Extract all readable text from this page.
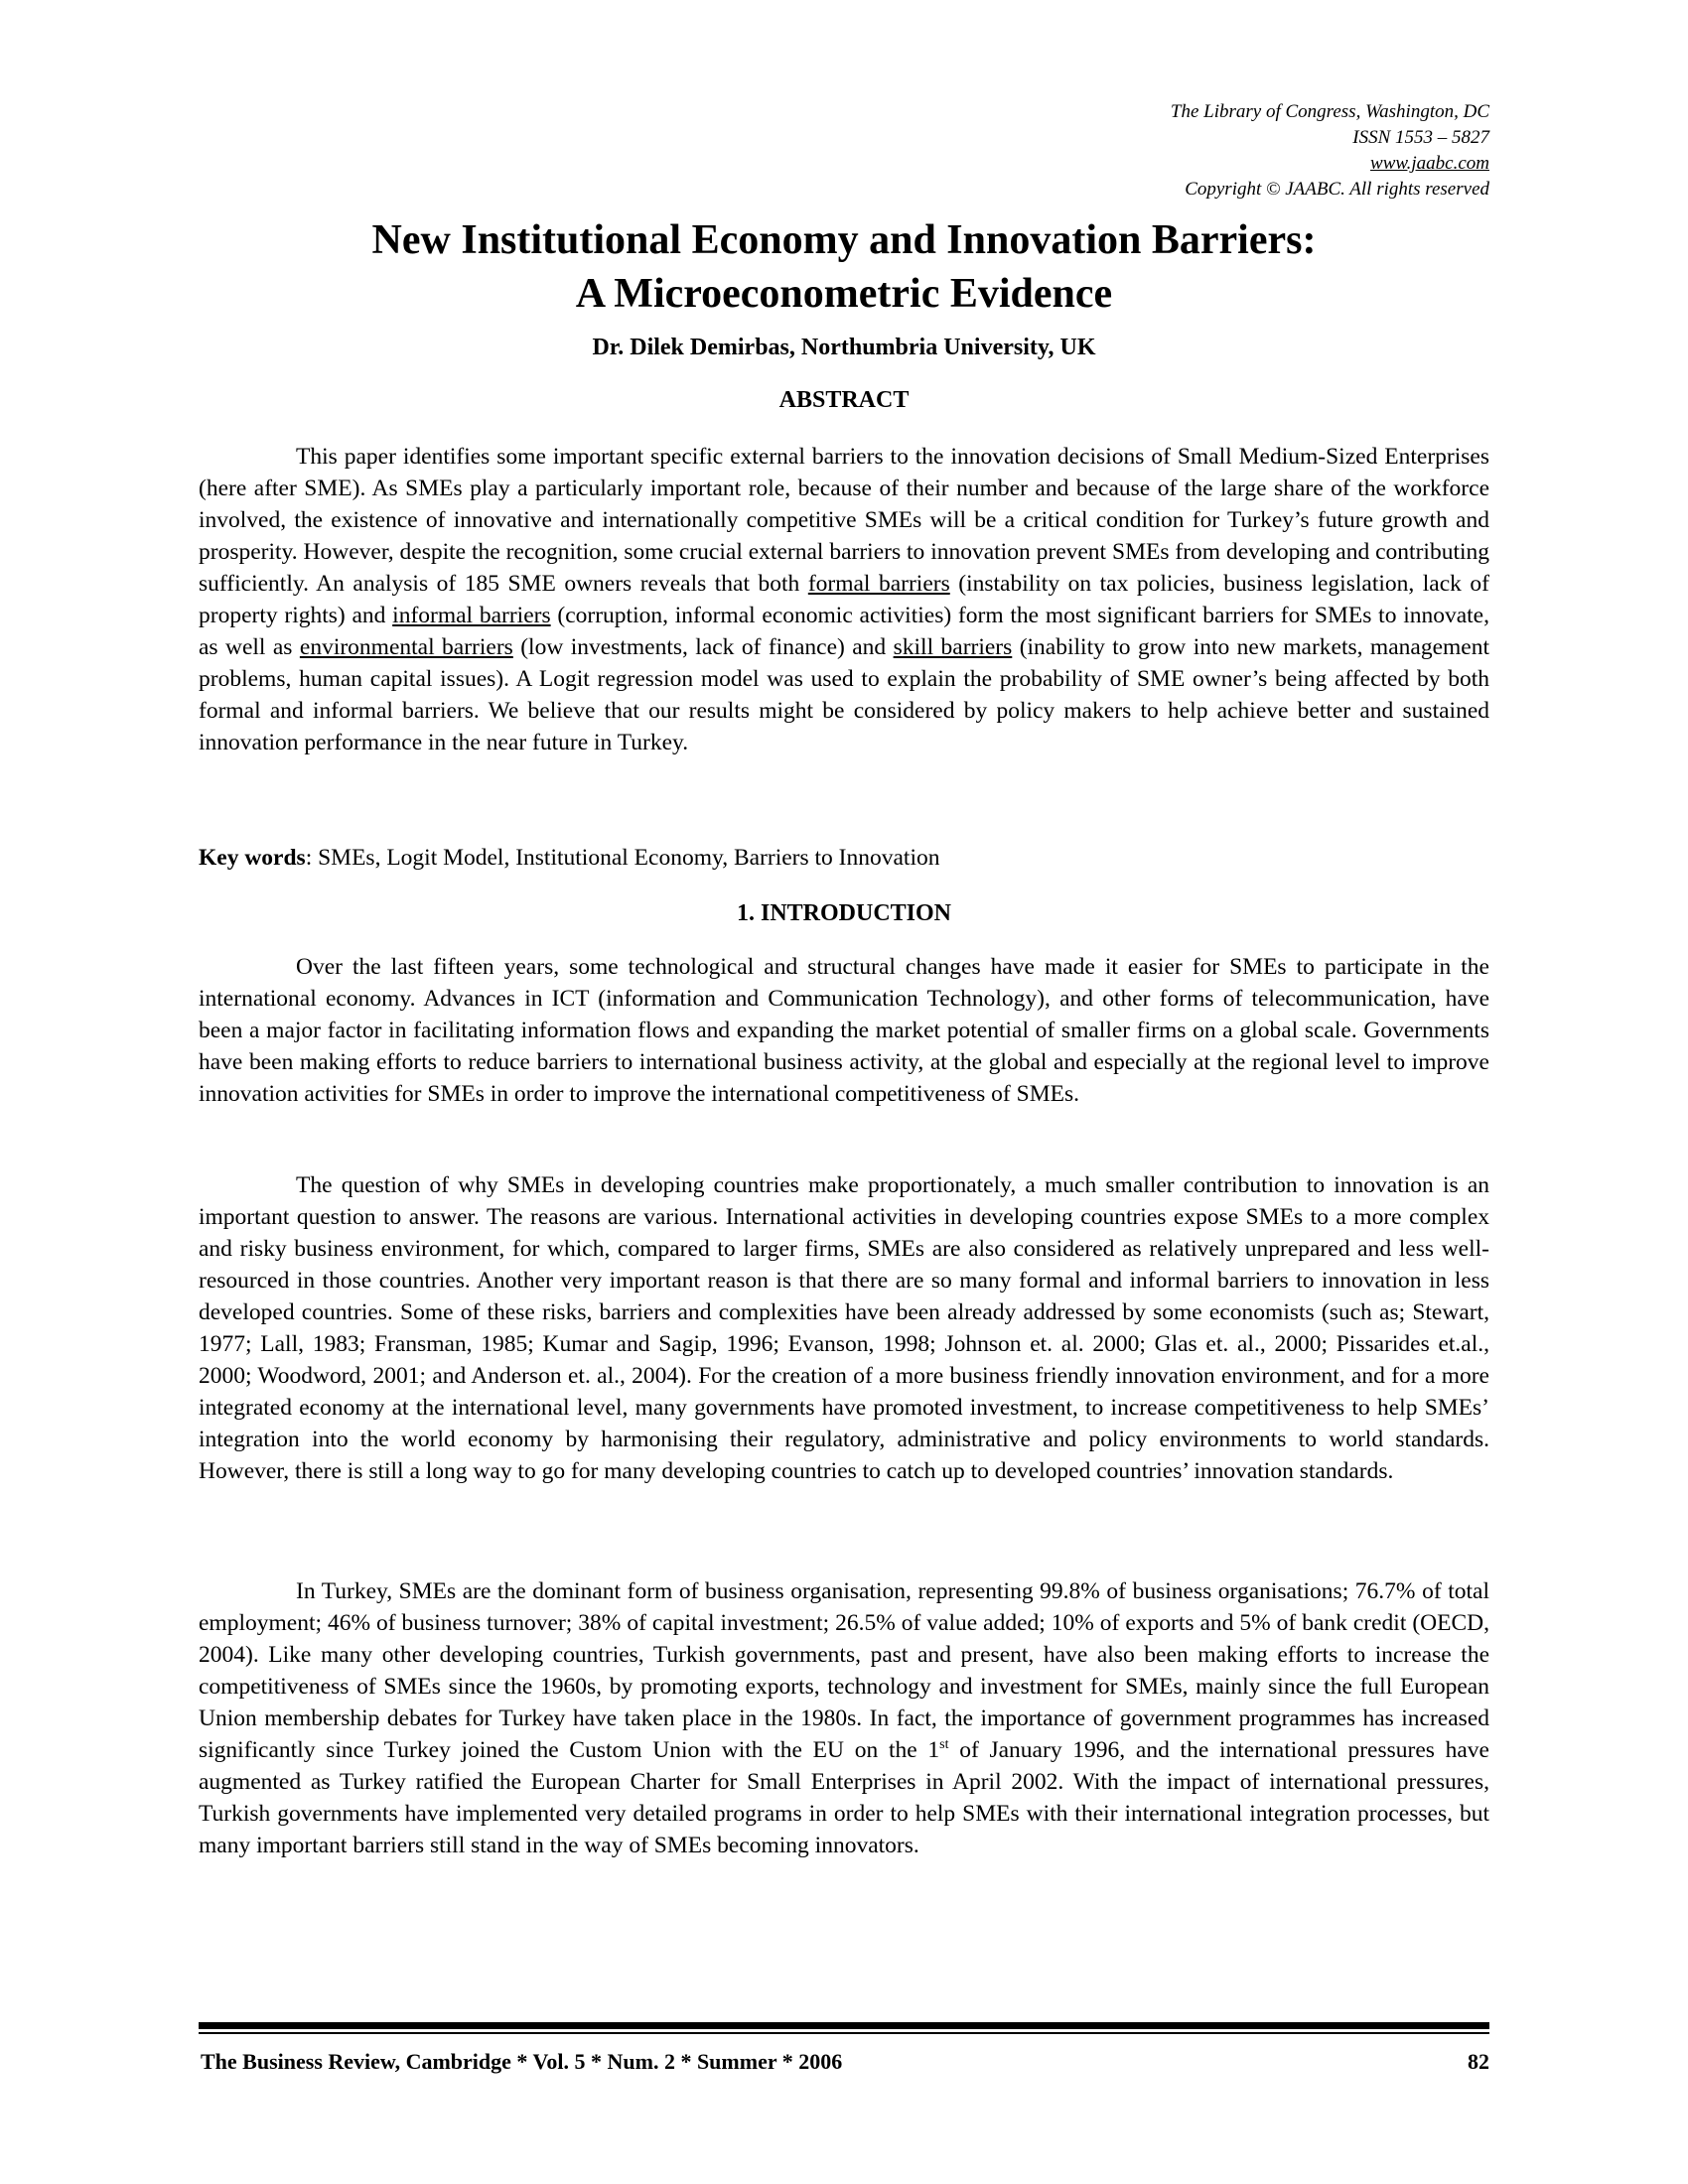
The Library of Congress, Washington, DC
ISSN 1553 – 5827
www.jaabc.com
Copyright © JAABC. All rights reserved
New Institutional Economy and Innovation Barriers:
A Microeconometric Evidence
Dr. Dilek Demirbas, Northumbria University, UK
ABSTRACT

This paper identifies some important specific external barriers to the innovation decisions of Small Medium-Sized Enterprises (here after SME). As SMEs play a particularly important role, because of their number and because of the large share of the workforce involved, the existence of innovative and internationally competitive SMEs will be a critical condition for Turkey’s future growth and prosperity. However, despite the recognition, some crucial external barriers to innovation prevent SMEs from developing and contributing sufficiently. An analysis of 185 SME owners reveals that both formal barriers (instability on tax policies, business legislation, lack of property rights) and informal barriers (corruption, informal economic activities) form the most significant barriers for SMEs to innovate, as well as environmental barriers (low investments, lack of finance) and skill barriers (inability to grow into new markets, management problems, human capital issues). A Logit regression model was used to explain the probability of SME owner’s being affected by both formal and informal barriers. We believe that our results might be considered by policy makers to help achieve better and sustained innovation performance in the near future in Turkey.

Key words: SMEs, Logit Model, Institutional Economy, Barriers to Innovation

1. INTRODUCTION

Over the last fifteen years, some technological and structural changes have made it easier for SMEs to participate in the international economy. Advances in ICT (information and Communication Technology), and other forms of telecommunication, have been a major factor in facilitating information flows and expanding the market potential of smaller firms on a global scale. Governments have been making efforts to reduce barriers to international business activity, at the global and especially at the regional level to improve innovation activities for SMEs in order to improve the international competitiveness of SMEs.

The question of why SMEs in developing countries make proportionately, a much smaller contribution to innovation is an important question to answer. The reasons are various. International activities in developing countries expose SMEs to a more complex and risky business environment, for which, compared to larger firms, SMEs are also considered as relatively unprepared and less well-resourced in those countries. Another very important reason is that there are so many formal and informal barriers to innovation in less developed countries. Some of these risks, barriers and complexities have been already addressed by some economists (such as; Stewart, 1977; Lall, 1983; Fransman, 1985; Kumar and Sagip, 1996; Evanson, 1998; Johnson et. al. 2000; Glas et. al., 2000; Pissarides et.al., 2000; Woodword, 2001; and Anderson et. al., 2004). For the creation of a more business friendly innovation environment, and for a more integrated economy at the international level, many governments have promoted investment, to increase competitiveness to help SMEs’ integration into the world economy by harmonising their regulatory, administrative and policy environments to world standards. However, there is still a long way to go for many developing countries to catch up to developed countries’ innovation standards.

In Turkey, SMEs are the dominant form of business organisation, representing 99.8% of business organisations; 76.7% of total employment; 46% of business turnover; 38% of capital investment; 26.5% of value added; 10% of exports and 5% of bank credit (OECD, 2004). Like many other developing countries, Turkish governments, past and present, have also been making efforts to increase the competitiveness of SMEs since the 1960s, by promoting exports, technology and investment for SMEs, mainly since the full European Union membership debates for Turkey have taken place in the 1980s. In fact, the importance of government programmes has increased significantly since Turkey joined the Custom Union with the EU on the 1st of January 1996, and the international pressures have augmented as Turkey ratified the European Charter for Small Enterprises in April 2002. With the impact of international pressures, Turkish governments have implemented very detailed programs in order to help SMEs with their international integration processes, but many important barriers still stand in the way of SMEs becoming innovators.

The Business Review, Cambridge * Vol. 5 * Num. 2 * Summer * 2006	82
